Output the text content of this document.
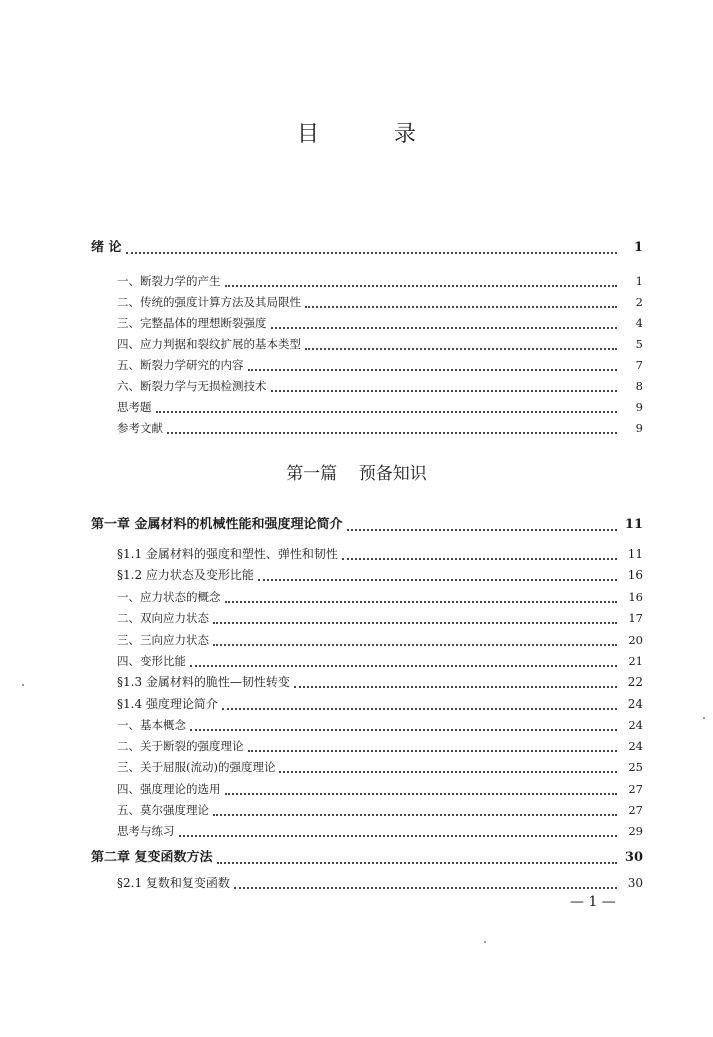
目 录
绪 论	1
一、断裂力学的产生	1
二、传统的强度计算方法及其局限性	2
三、完整晶体的理想断裂强度	4
四、应力判据和裂纹扩展的基本类型	5
五、断裂力学研究的内容	7
六、断裂力学与无损检测技术	8
思考题	9
参考文献	9
第一篇    预备知识
第一章 金属材料的机械性能和强度理论简介	11
§1.1 金属材料的强度和塑性、弹性和韧性	11
§1.2 应力状态及变形比能	16
一、应力状态的概念	16
二、双向应力状态	17
三、三向应力状态	20
四、变形比能	21
§1.3 金属材料的脆性—韧性转变	22
§1.4 强度理论简介	24
一、基本概念	24
二、关于断裂的强度理论	24
三、关于屈服(流动)的强度理论	25
四、强度理论的选用	27
五、莫尔强度理论	27
思考与练习	29
第二章 复变函数方法	30
§2.1 复数和复变函数	30
— 1 —
